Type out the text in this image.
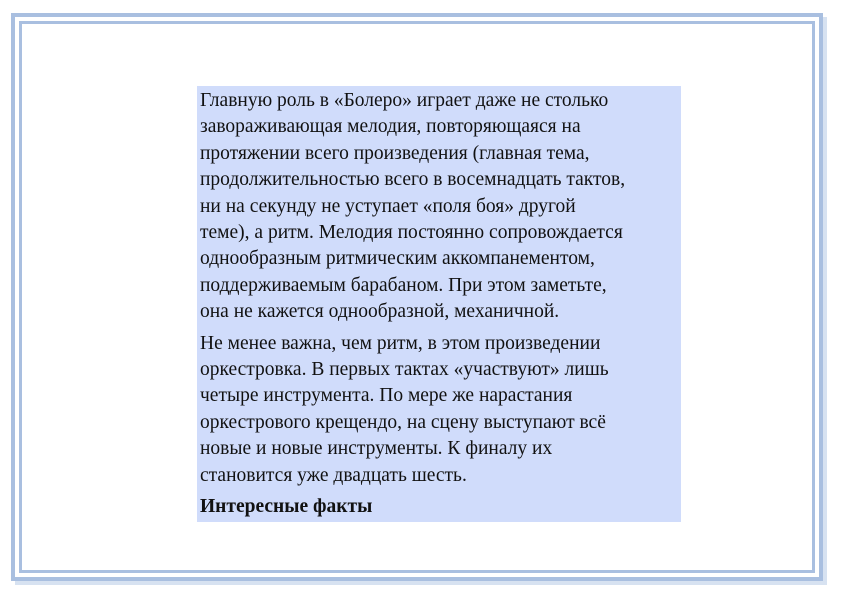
Главную роль в «Болеро» играет даже не столько
завораживающая мелодия, повторяющаяся на
протяжении всего произведения (главная тема,
продолжительностью всего в восемнадцать тактов,
ни на секунду не уступает «поля боя» другой
теме), а ритм. Мелодия постоянно сопровождается
однообразным ритмическим аккомпанементом,
поддерживаемым барабаном. При этом заметьте,
она не кажется однообразной, механичной.

Не менее важна, чем ритм, в этом произведении
оркестровка. В первых тактах «участвуют» лишь
четыре инструмента. По мере же нарастания
оркестрового крещендо, на сцену выступают всё
новые и новые инструменты. К финалу их
становится уже двадцать шесть.

Интересные факты
